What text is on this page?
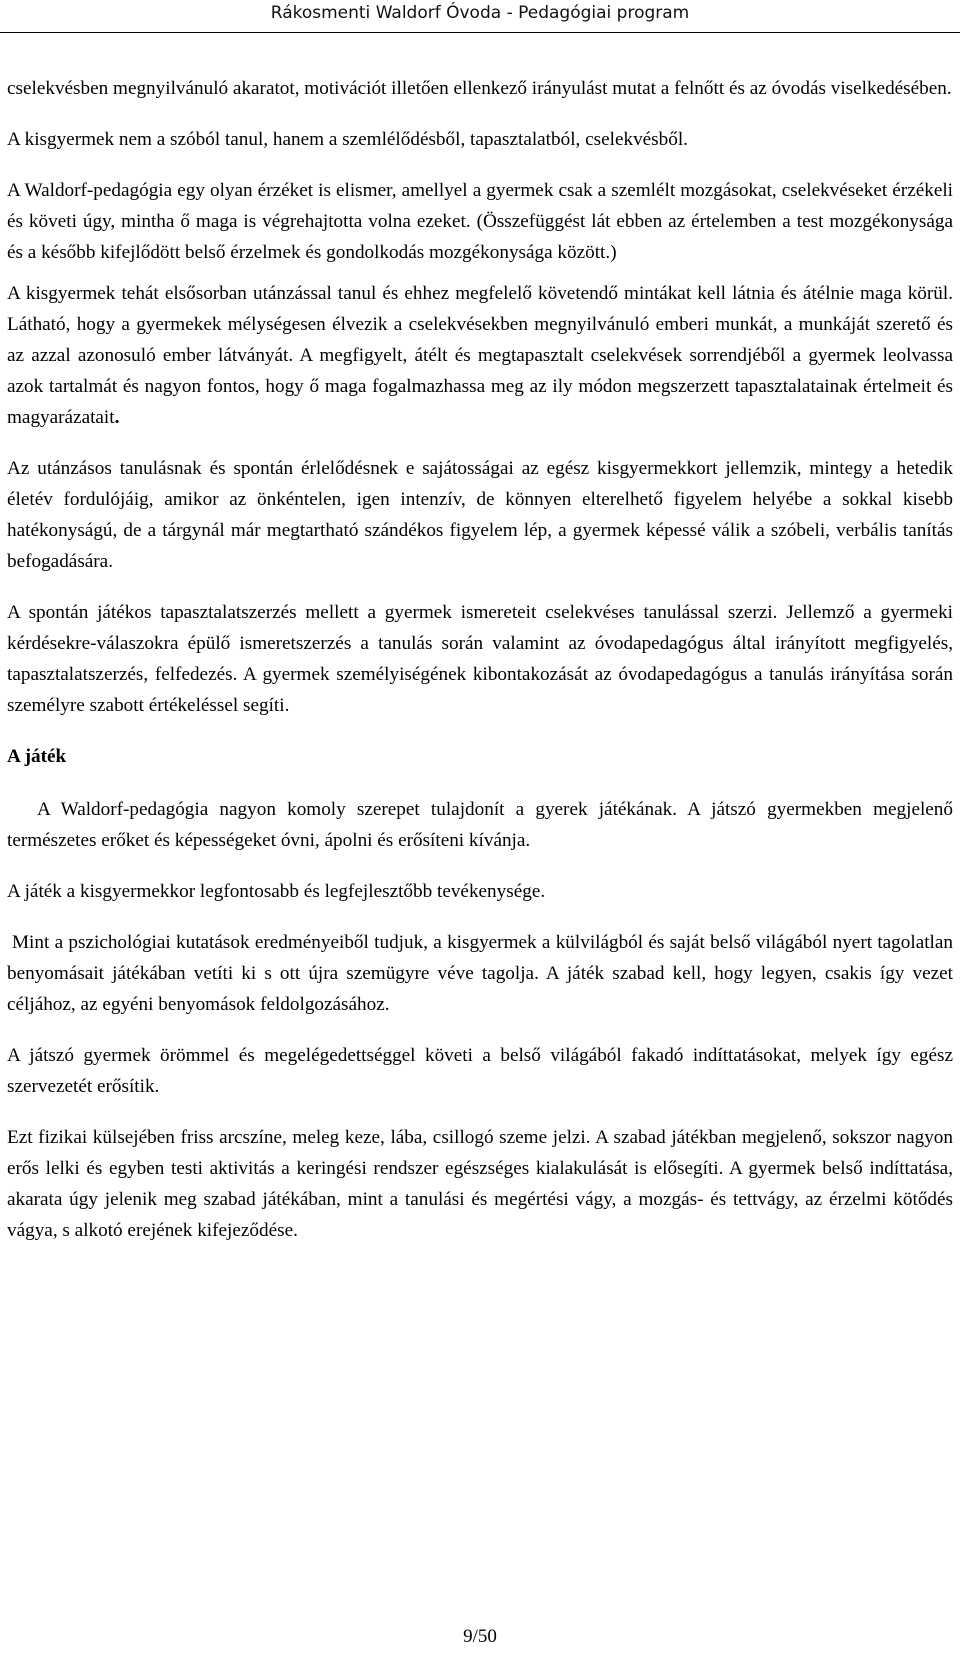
Rákosmenti Waldorf Óvoda - Pedagógiai program

cselekvésben megnyilvánuló akaratot, motivációt illetően ellenkező irányulást mutat a felnőtt és az óvodás viselkedésében.

A kisgyermek nem a szóból tanul, hanem a szemlélődésből, tapasztalatból, cselekvésből.

A Waldorf-pedagógia egy olyan érzéket is elismer, amellyel a gyermek csak a szemlélt mozgásokat, cselekvéseket érzékeli és követi úgy, mintha ő maga is végrehajtotta volna ezeket. (Összefüggést lát ebben az értelemben a test mozgékonysága és a később kifejlődött belső érzelmek és gondolkodás mozgékonysága között.)

A kisgyermek tehát elsősorban utánzással tanul és ehhez megfelelő követendő mintákat kell látnia és átélnie maga körül. Látható, hogy a gyermekek mélységesen élvezik a cselekvésekben megnyilvánuló emberi munkát, a munkáját szerető és az azzal azonosuló ember látványát. A megfigyelt, átélt és megtapasztalt cselekvések sorrendjéből a gyermek leolvassa azok tartalmát és nagyon fontos, hogy ő maga fogalmazhassa meg az ily módon megszerzett tapasztalatainak értelmeit és magyarázatait.

Az utánzásos tanulásnak és spontán érlelődésnek e sajátosságai az egész kisgyermekkort jellemzik, mintegy a hetedik életév fordulójáig, amikor az önkéntelen, igen intenzív, de könnyen elterelhető figyelem helyébe a sokkal kisebb hatékonyságú, de a tárgynál már megtartható szándékos figyelem lép, a gyermek képessé válik a szóbeli, verbális tanítás befogadására.

A spontán játékos tapasztalatszerzés mellett a gyermek ismereteit cselekvéses tanulással szerzi. Jellemző a gyermeki kérdésekre-válaszokra épülő ismeretszerzés a tanulás során valamint az óvodapedagógus által irányított megfigyelés, tapasztalatszerzés, felfedezés. A gyermek személyiségének kibontakozását az óvodapedagógus a tanulás irányítása során személyre szabott értékeléssel segíti.

A játék

A Waldorf-pedagógia nagyon komoly szerepet tulajdonít a gyerek játékának. A játszó gyermekben megjelenő természetes erőket és képességeket óvni, ápolni és erősíteni kívánja.

A játék a kisgyermekkor legfontosabb és legfejlesztőbb tevékenysége.

Mint a pszichológiai kutatások eredményeiből tudjuk, a kisgyermek a külvilágból és saját belső világából nyert tagolatlan benyomásait játékában vetíti ki s ott újra szemügyre véve tagolja. A játék szabad kell, hogy legyen, csakis így vezet céljához, az egyéni benyomások feldolgozásához.

A játszó gyermek örömmel és megelégedettséggel követi a belső világából fakadó indíttatásokat, melyek így egész szervezetét erősítik.

Ezt fizikai külsejében friss arcszíne, meleg keze, lába, csillogó szeme jelzi. A szabad játékban megjelenő, sokszor nagyon erős lelki és egyben testi aktivitás a keringési rendszer egészséges kialakulását is elősegíti. A gyermek belső indíttatása, akarata úgy jelenik meg szabad játékában, mint a tanulási és megértési vágy, a mozgás- és tettvágy, az érzelmi kötődés vágya, s alkotó erejének kifejeződése.

9/50
